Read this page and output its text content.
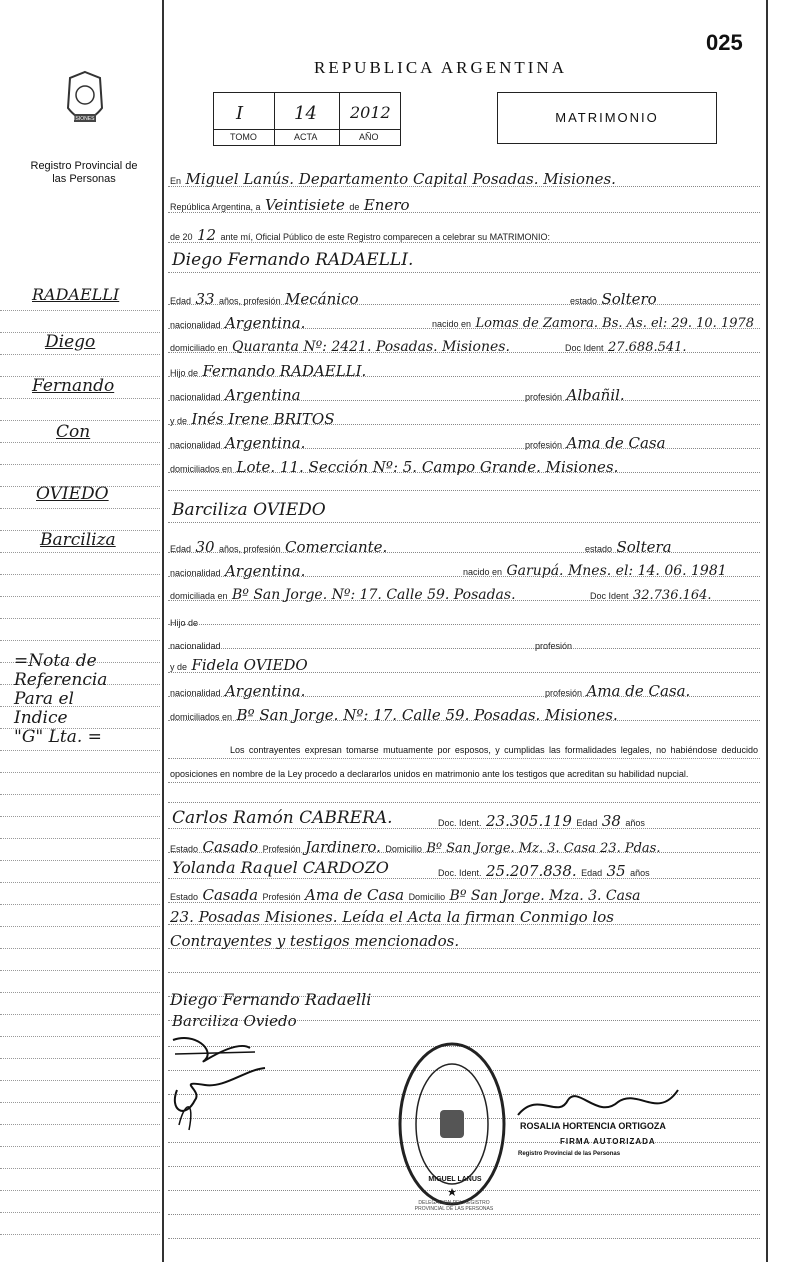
025
REPUBLICA ARGENTINA
MISIONES
Registro Provincial de las Personas
I	14 2012
TOMO	ACTA	AÑO
MATRIMONIO
RADAELLI
Diego
Fernando
Con
OVIEDO
Barciliza
=Nota de
Referencia
Para el
Indice
"G" Lta. =
En Miguel Lanús. Departamento Capital Posadas. Misiones.
República Argentina, a Veintisiete de Enero
de 20 12 ante mí, Oficial Público de este Registro comparecen a celebrar su MATRIMONIO:
Diego Fernando RADAELLI.
Edad 33 años, profesión Mecánico	estado Soltero
nacionalidad Argentina.	nacido en Lomas de Zamora. Bs. As. el: 29. 10. 1978
domiciliado en Quaranta Nº: 2421. Posadas. Misiones.	Doc Ident 27.688.541.
Hijo de Fernando RADAELLI.
nacionalidad Argentina	profesión Albañil.
y de Inés Irene BRITOS
nacionalidad Argentina.	profesión Ama de Casa
domiciliados en Lote. 11. Sección Nº: 5. Campo Grande. Misiones.
Barciliza OVIEDO
Edad 30 años, profesión Comerciante.	estado Soltera
nacionalidad Argentina.	nacido en Garupá. Mnes. el: 14. 06. 1981
domiciliada en Bº San Jorge. Nº: 17. Calle 59. Posadas.	Doc Ident 32.736.164.
Hijo de
nacionalidad	profesión
y de Fidela OVIEDO
nacionalidad Argentina.	profesión Ama de Casa.
domiciliados en Bº San Jorge. Nº: 17. Calle 59. Posadas. Misiones.
Los contrayentes expresan tomarse mutuamente por esposos, y cumplidas las formalidades legales, no habiéndose deducido oposiciones en nombre de la Ley procedo a declararlos unidos en matrimonio ante los testigos que acreditan su habilidad nupcial.
Carlos Ramón CABRERA.	Doc. Ident. 23.305.119 Edad 38 años
Estado Casado Profesión Jardinero. Domicilio Bº San Jorge. Mz. 3. Casa 23. Pdas.
Yolanda Raquel CARDOZO	Doc. Ident. 25.207.838. Edad 35 años
Estado Casada Profesión Ama de Casa Domicilio Bº San Jorge. Mza. 3. Casa
23. Posadas Misiones. Leída el Acta la firman Conmigo los
Contrayentes y testigos mencionados.
Diego Fernando Radaelli
Barciliza Oviedo
DELEGACION DEL REGISTRO PROVINCIAL DE LAS PERSONAS
MIGUEL LANUS
ROSALIA HORTENCIA ORTIGOZA
FIRMA AUTORIZADA
Registro Provincial de las Personas
